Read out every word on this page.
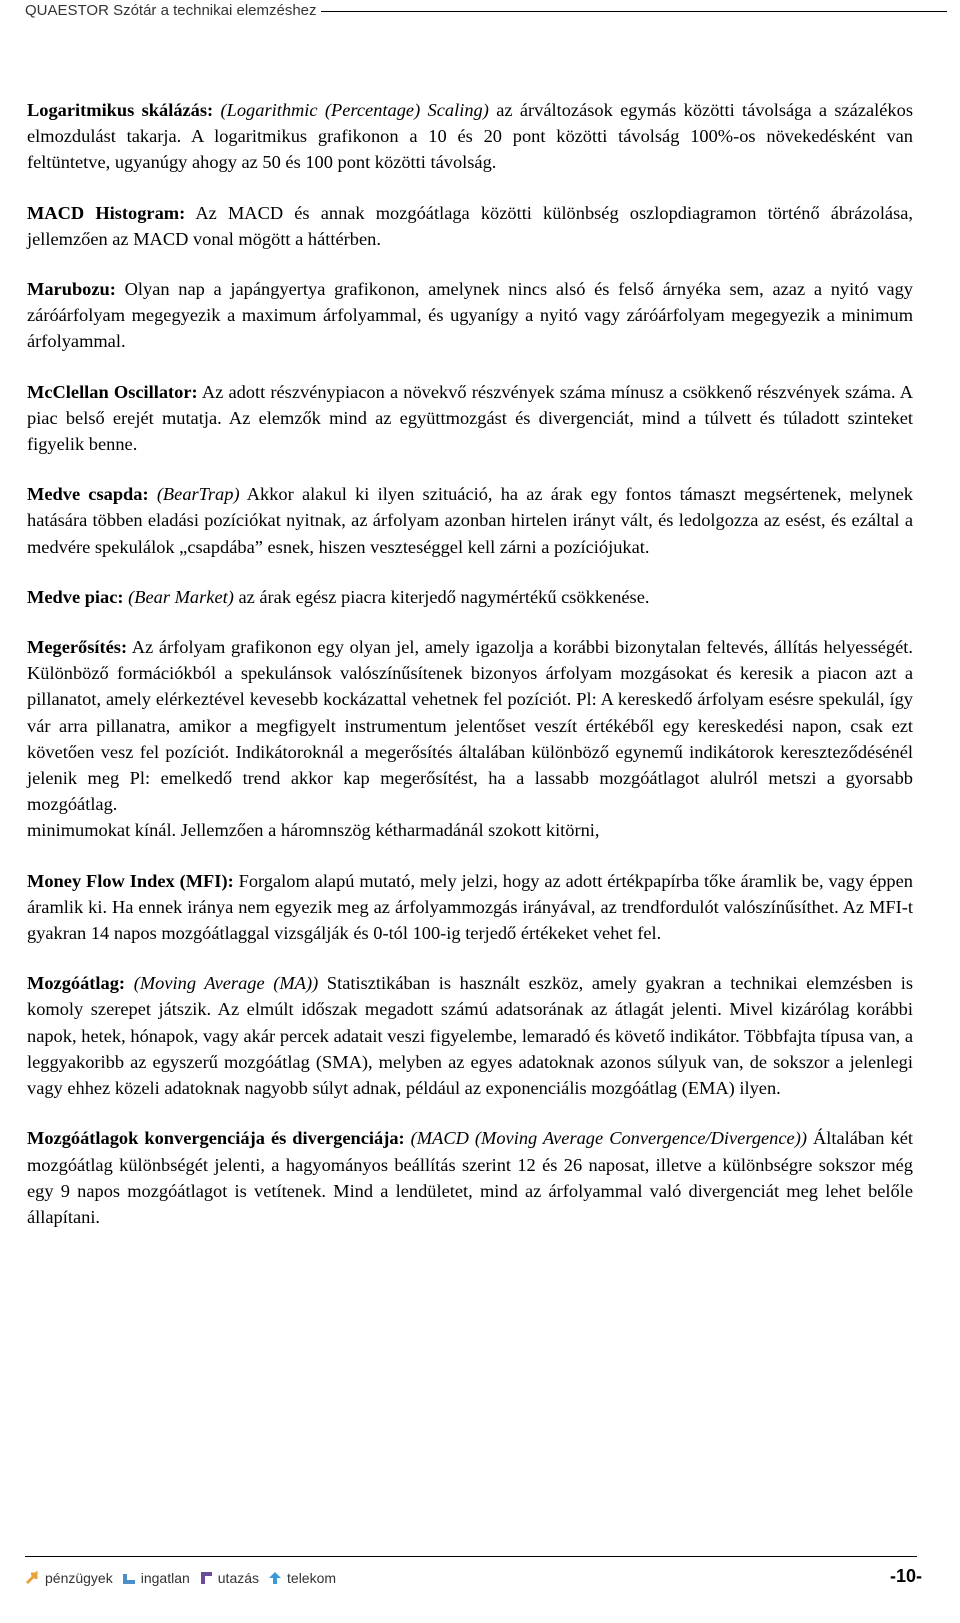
QUAESTOR Szótár a technikai elemzéshez

Logaritmikus skálázás: (Logarithmic (Percentage) Scaling) az árváltozások egymás közötti távolsága a százalékos elmozdulást takarja. A logaritmikus grafikonon a 10 és 20 pont közötti távolság 100%-os növekedésként van feltüntetve, ugyanúgy ahogy az 50 és 100 pont közötti távolság.

MACD Histogram: Az MACD és annak mozgóátlaga közötti különbség oszlopdiagramon történő ábrázolása, jellemzően az MACD vonal mögött a háttérben.

Marubozu: Olyan nap a japángyertya grafikonon, amelynek nincs alsó és felső árnyéka sem, azaz a nyitó vagy záróárfolyam megegyezik a maximum árfolyammal, és ugyanígy a nyitó vagy záróárfolyam megegyezik a minimum árfolyammal.

McClellan Oscillator: Az adott részvénypiacon a növekvő részvények száma mínusz a csökkenő részvények száma. A piac belső erejét mutatja. Az elemzők mind az együttmozgást és divergenciát, mind a túlvett és túladott szinteket figyelik benne.

Medve csapda: (BearTrap) Akkor alakul ki ilyen szituáció, ha az árak egy fontos támaszt megsértenek, melynek hatására többen eladási pozíciókat nyitnak, az árfolyam azonban hirtelen irányt vált, és ledolgozza az esést, és ezáltal a medvére spekulálok „csapdába” esnek, hiszen veszteséggel kell zárni a pozíciójukat.

Medve piac: (Bear Market) az árak egész piacra kiterjedő nagymértékű csökkenése.

Megerősítés: Az árfolyam grafikonon egy olyan jel, amely igazolja a korábbi bizonytalan feltevés, állítás helyességét. Különböző formációkból a spekulánsok valószínűsítenek bizonyos árfolyam mozgásokat és keresik a piacon azt a pillanatot, amely elérkeztével kevesebb kockázattal vehetnek fel pozíciót. Pl: A kereskedő árfolyam esésre spekulál, így vár arra pillanatra, amikor a megfigyelt instrumentum jelentőset veszít értékéből egy kereskedési napon, csak ezt követően vesz fel pozíciót. Indikátoroknál a megerősítés általában különböző egynemű indikátorok kereszteződésénél jelenik meg Pl: emelkedő trend akkor kap megerősítést, ha a lassabb mozgóátlagot alulról metszi a gyorsabb mozgóátlag.

minimumokat kínál. Jellemzően a háromnszög kétharmadánál szokott kitörni,

Money Flow Index (MFI): Forgalom alapú mutató, mely jelzi, hogy az adott értékpapírba tőke áramlik be, vagy éppen áramlik ki. Ha ennek iránya nem egyezik meg az árfolyammozgás irányával, az trendfordulót valószínűsíthet. Az MFI-t gyakran 14 napos mozgóátlaggal vizsgálják és 0-tól 100-ig terjedő értékeket vehet fel.

Mozgóátlag: (Moving Average (MA)) Statisztikában is használt eszköz, amely gyakran a technikai elemzésben is komoly szerepet játszik. Az elmúlt időszak megadott számú adatsorának az átlagát jelenti. Mivel kizárólag korábbi napok, hetek, hónapok, vagy akár percek adatait veszi figyelembe, lemaradó és követő indikátor. Többfajta típusa van, a leggyakoribb az egyszerű mozgóátlag (SMA), melyben az egyes adatoknak azonos súlyuk van, de sokszor a jelenlegi vagy ehhez közeli adatoknak nagyobb súlyt adnak, például az exponenciális mozgóátlag (EMA) ilyen.

Mozgóátlagok konvergenciája és divergenciája: (MACD (Moving Average Convergence/Divergence)) Általában két mozgóátlag különbségét jelenti, a hagyományos beállítás szerint 12 és 26 naposat, illetve a különbségre sokszor még egy 9 napos mozgóátlagot is vetítenek. Mind a lendületet, mind az árfolyammal való divergenciát meg lehet belőle állapítani.

pénzügyek ingatlan utazás telekom	-10-
